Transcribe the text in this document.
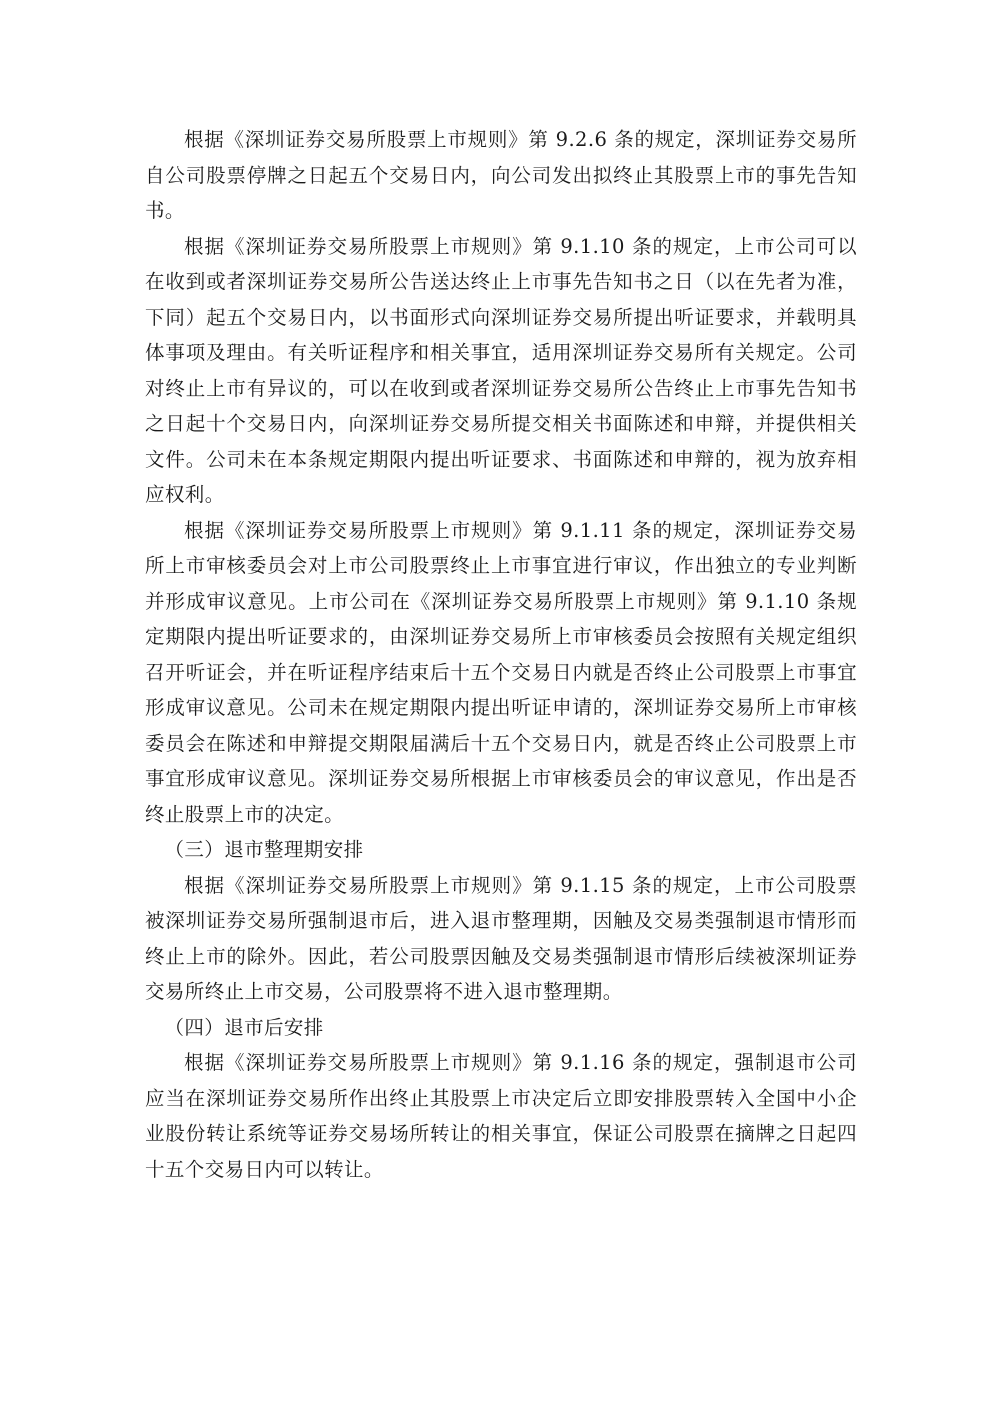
根据《深圳证券交易所股票上市规则》第 9.2.6 条的规定，深圳证券交易所自公司股票停牌之日起五个交易日内，向公司发出拟终止其股票上市的事先告知书。

根据《深圳证券交易所股票上市规则》第 9.1.10 条的规定，上市公司可以在收到或者深圳证券交易所公告送达终止上市事先告知书之日（以在先者为准，下同）起五个交易日内，以书面形式向深圳证券交易所提出听证要求，并载明具体事项及理由。有关听证程序和相关事宜，适用深圳证券交易所有关规定。公司对终止上市有异议的，可以在收到或者深圳证券交易所公告终止上市事先告知书之日起十个交易日内，向深圳证券交易所提交相关书面陈述和申辩，并提供相关文件。公司未在本条规定期限内提出听证要求、书面陈述和申辩的，视为放弃相应权利。

根据《深圳证券交易所股票上市规则》第 9.1.11 条的规定，深圳证券交易所上市审核委员会对上市公司股票终止上市事宜进行审议，作出独立的专业判断并形成审议意见。上市公司在《深圳证券交易所股票上市规则》第 9.1.10 条规定期限内提出听证要求的，由深圳证券交易所上市审核委员会按照有关规定组织召开听证会，并在听证程序结束后十五个交易日内就是否终止公司股票上市事宜形成审议意见。公司未在规定期限内提出听证申请的，深圳证券交易所上市审核委员会在陈述和申辩提交期限届满后十五个交易日内，就是否终止公司股票上市事宜形成审议意见。深圳证券交易所根据上市审核委员会的审议意见，作出是否终止股票上市的决定。

（三）退市整理期安排

根据《深圳证券交易所股票上市规则》第 9.1.15 条的规定，上市公司股票被深圳证券交易所强制退市后，进入退市整理期，因触及交易类强制退市情形而终止上市的除外。因此，若公司股票因触及交易类强制退市情形后续被深圳证券交易所终止上市交易，公司股票将不进入退市整理期。

（四）退市后安排

根据《深圳证券交易所股票上市规则》第 9.1.16 条的规定，强制退市公司应当在深圳证券交易所作出终止其股票上市决定后立即安排股票转入全国中小企业股份转让系统等证券交易场所转让的相关事宜，保证公司股票在摘牌之日起四十五个交易日内可以转让。
